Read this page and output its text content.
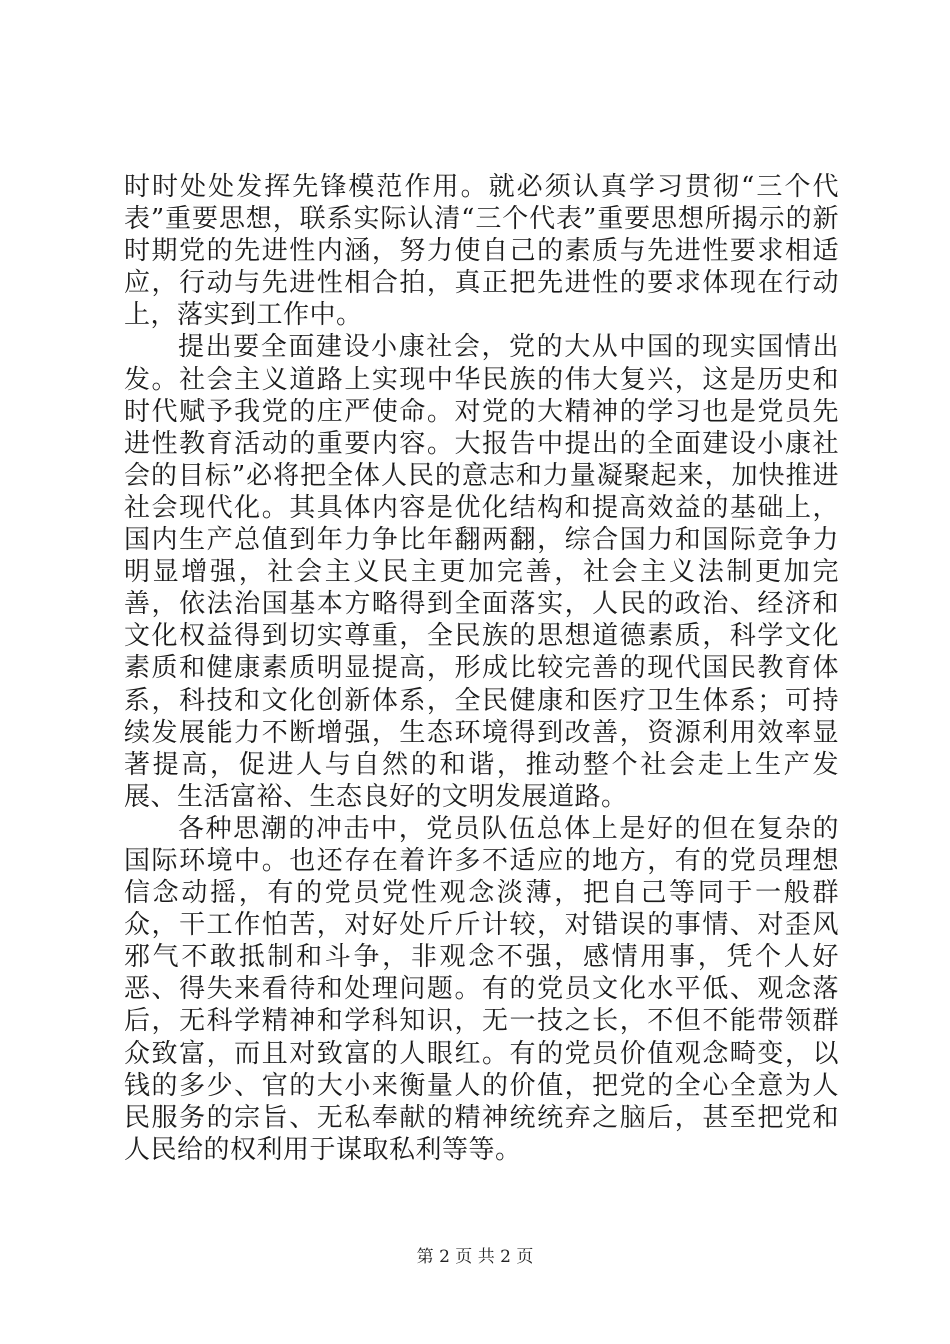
时时处处发挥先锋模范作用。就必须认真学习贯彻“三个代表”重要思想，联系实际认清“三个代表”重要思想所揭示的新时期党的先进性内涵，努力使自己的素质与先进性要求相适应，行动与先进性相合拍，真正把先进性的要求体现在行动上，落实到工作中。

提出要全面建设小康社会，党的大从中国的现实国情出发。社会主义道路上实现中华民族的伟大复兴，这是历史和时代赋予我党的庄严使命。对党的大精神的学习也是党员先进性教育活动的重要内容。大报告中提出的全面建设小康社会的目标”必将把全体人民的意志和力量凝聚起来，加快推进社会现代化。其具体内容是优化结构和提高效益的基础上，国内生产总值到年力争比年翻两翻，综合国力和国际竞争力明显增强，社会主义民主更加完善，社会主义法制更加完善，依法治国基本方略得到全面落实，人民的政治、经济和文化权益得到切实尊重，全民族的思想道德素质，科学文化素质和健康素质明显提高，形成比较完善的现代国民教育体系，科技和文化创新体系，全民健康和医疗卫生体系；可持续发展能力不断增强，生态环境得到改善，资源利用效率显著提高，促进人与自然的和谐，推动整个社会走上生产发展、生活富裕、生态良好的文明发展道路。

各种思潮的冲击中，党员队伍总体上是好的但在复杂的国际环境中。也还存在着许多不适应的地方，有的党员理想信念动摇，有的党员党性观念淡薄，把自己等同于一般群众，干工作怕苦，对好处斤斤计较，对错误的事情、对歪风邪气不敢抵制和斗争，非观念不强，感情用事，凭个人好恶、得失来看待和处理问题。有的党员文化水平低、观念落后，无科学精神和学科知识，无一技之长，不但不能带领群众致富，而且对致富的人眼红。有的党员价值观念畸变，以钱的多少、官的大小来衡量人的价值，把党的全心全意为人民服务的宗旨、无私奉献的精神统统弃之脑后，甚至把党和人民给的权利用于谋取私利等等。

第 2 页 共 2 页
